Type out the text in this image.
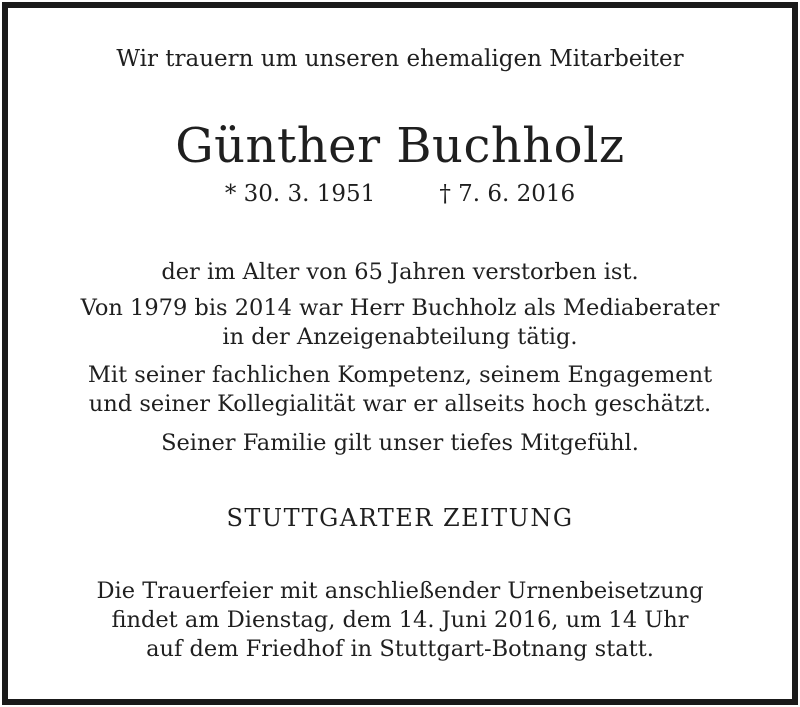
Wir trauern um unseren ehemaligen Mitarbeiter
Günther Buchholz
* 30. 3. 1951	† 7. 6. 2016
der im Alter von 65 Jahren verstorben ist.
Von 1979 bis 2014 war Herr Buchholz als Mediaberater
in der Anzeigenabteilung tätig.
Mit seiner fachlichen Kompetenz, seinem Engagement
und seiner Kollegialität war er allseits hoch geschätzt.
Seiner Familie gilt unser tiefes Mitgefühl.
STUTTGARTER ZEITUNG
Die Trauerfeier mit anschließender Urnenbeisetzung
findet am Dienstag, dem 14. Juni 2016, um 14 Uhr
auf dem Friedhof in Stuttgart-Botnang statt.
